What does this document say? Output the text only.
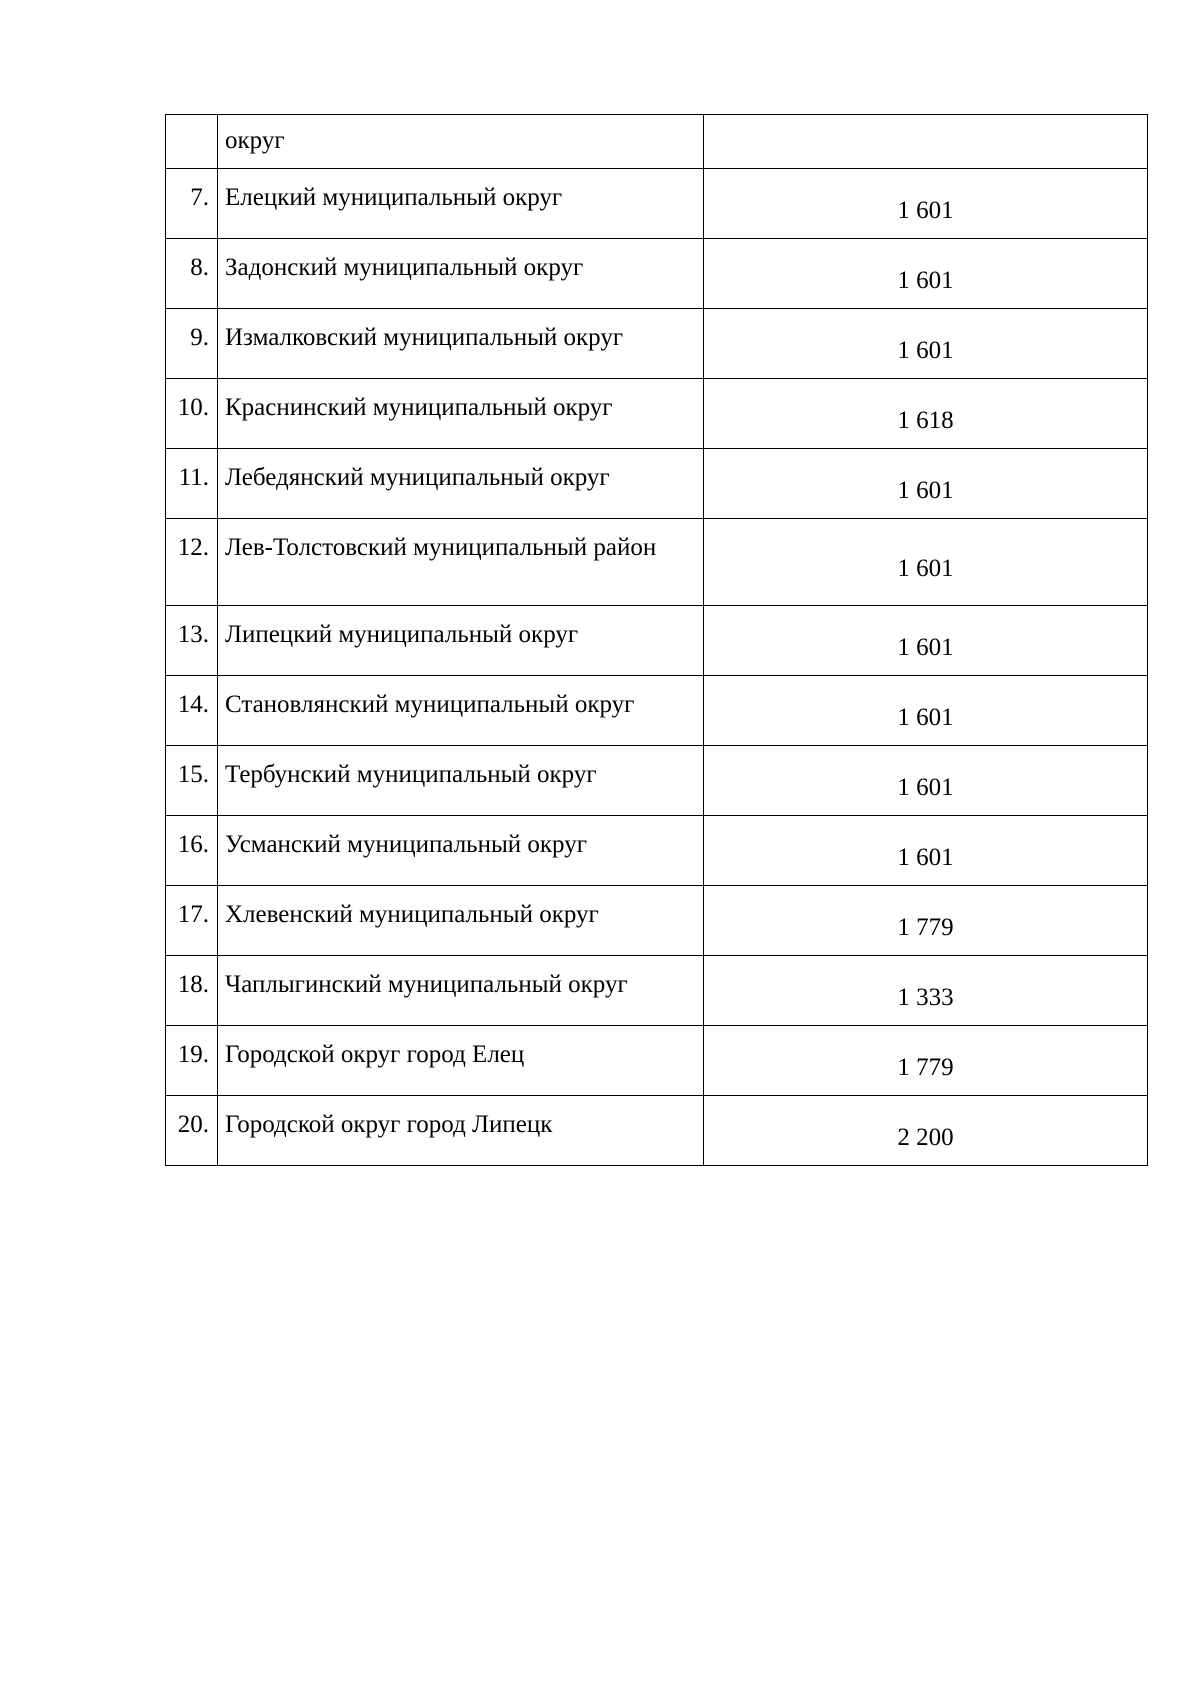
	округ	
7.	Елецкий муниципальный округ	1 601
8.	Задонский муниципальный округ	1 601
9.	Измалковский муниципальный округ	1 601
10.	Краснинский муниципальный округ	1 618
11.	Лебедянский муниципальный округ	1 601
12.	Лев-Толстовский муниципальный район	1 601
13.	Липецкий муниципальный округ	1 601
14.	Становлянский муниципальный округ	1 601
15.	Тербунский муниципальный округ	1 601
16.	Усманский муниципальный округ	1 601
17.	Хлевенский муниципальный округ	1 779
18.	Чаплыгинский муниципальный округ	1 333
19.	Городской округ город Елец	1 779
20.	Городской округ город Липецк	2 200
